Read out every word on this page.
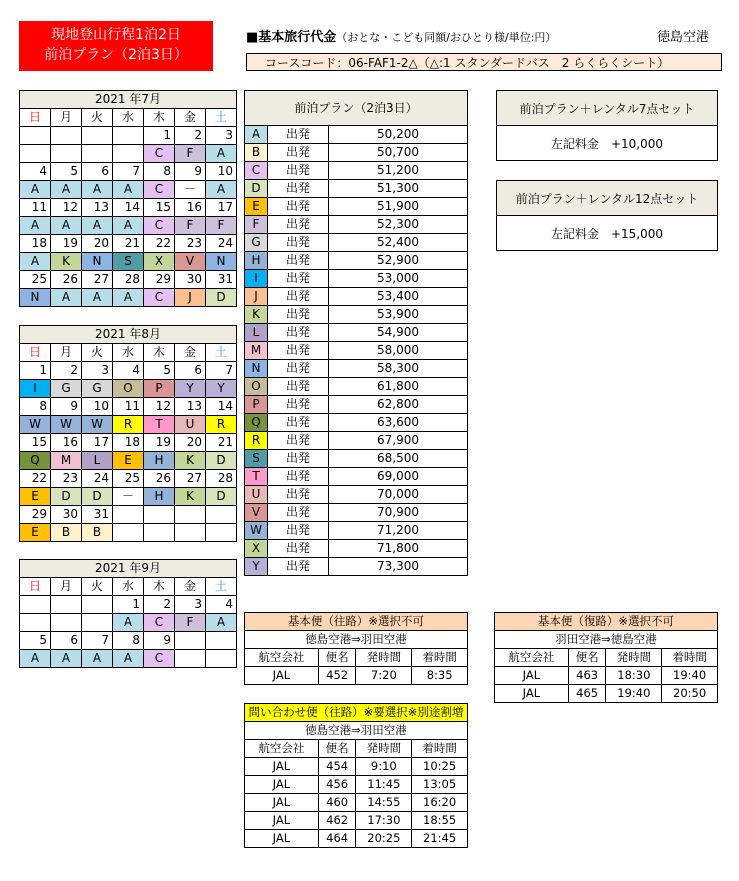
現地登山行程1泊2日
前泊プラン（2泊3日）
■基本旅行代金（おとな・こども同額/おひとり様/単位:円）	徳島空港
コースコード：06-FAF1-2△（△:1 スタンダードバス　2 らくらくシート）
2021 年7月						
日	月	火	水	木	金	土
				1	2	3
				C	F	A
4	5	6	7	8	9	10
A	A	A	A	C	－	A
11	12	13	14	15	16	17
A	A	A	A	C	F	F
18	19	20	21	22	23	24
A	K	N	S	X	V	N
25	26	27	28	29	30	31
N	A	A	A	C	J	D
2021 年8月						
日	月	火	水	木	金	土
1	2	3	4	5	6	7
I	G	G	O	P	Y	Y
8	9	10	11	12	13	14
W	W	W	R	T	U	R
15	16	17	18	19	20	21
Q	M	L	E	H	K	D
22	23	24	25	26	27	28
E	D	D	－	H	K	D
29	30	31				
E	B	B				
2021 年9月						
日	月	火	水	木	金	土
			1	2	3	4
			A	C	F	A
5	6	7	8	9		
A	A	A	A	C		
前泊プラン（2泊3日）		
A	出発	50,200
B	出発	50,700
C	出発	51,200
D	出発	51,300
E	出発	51,900
F	出発	52,300
G	出発	52,400
H	出発	52,900
I	出発	53,000
J	出発	53,400
K	出発	53,900
L	出発	54,900
M	出発	58,000
N	出発	58,300
O	出発	61,800
P	出発	62,800
Q	出発	63,600
R	出発	67,900
S	出発	68,500
T	出発	69,000
U	出発	70,000
V	出発	70,900
W	出発	71,200
X	出発	71,800
Y	出発	73,300
前泊プラン＋レンタル7点セット
左記料金　+10,000
前泊プラン＋レンタル12点セット
左記料金　+15,000
基本便（往路）※選択不可			
徳島空港⇒羽田空港			
航空会社	便名	発時間	着時間
JAL	452	7:20	8:35
基本便（復路）※選択不可			
羽田空港⇒徳島空港			
航空会社	便名	発時間	着時間
JAL	463	18:30	19:40
JAL	465	19:40	20:50
問い合わせ便（往路）※要選択※別途割増			
徳島空港⇒羽田空港			
航空会社	便名	発時間	着時間
JAL	454	9:10	10:25
JAL	456	11:45	13:05
JAL	460	14:55	16:20
JAL	462	17:30	18:55
JAL	464	20:25	21:45
